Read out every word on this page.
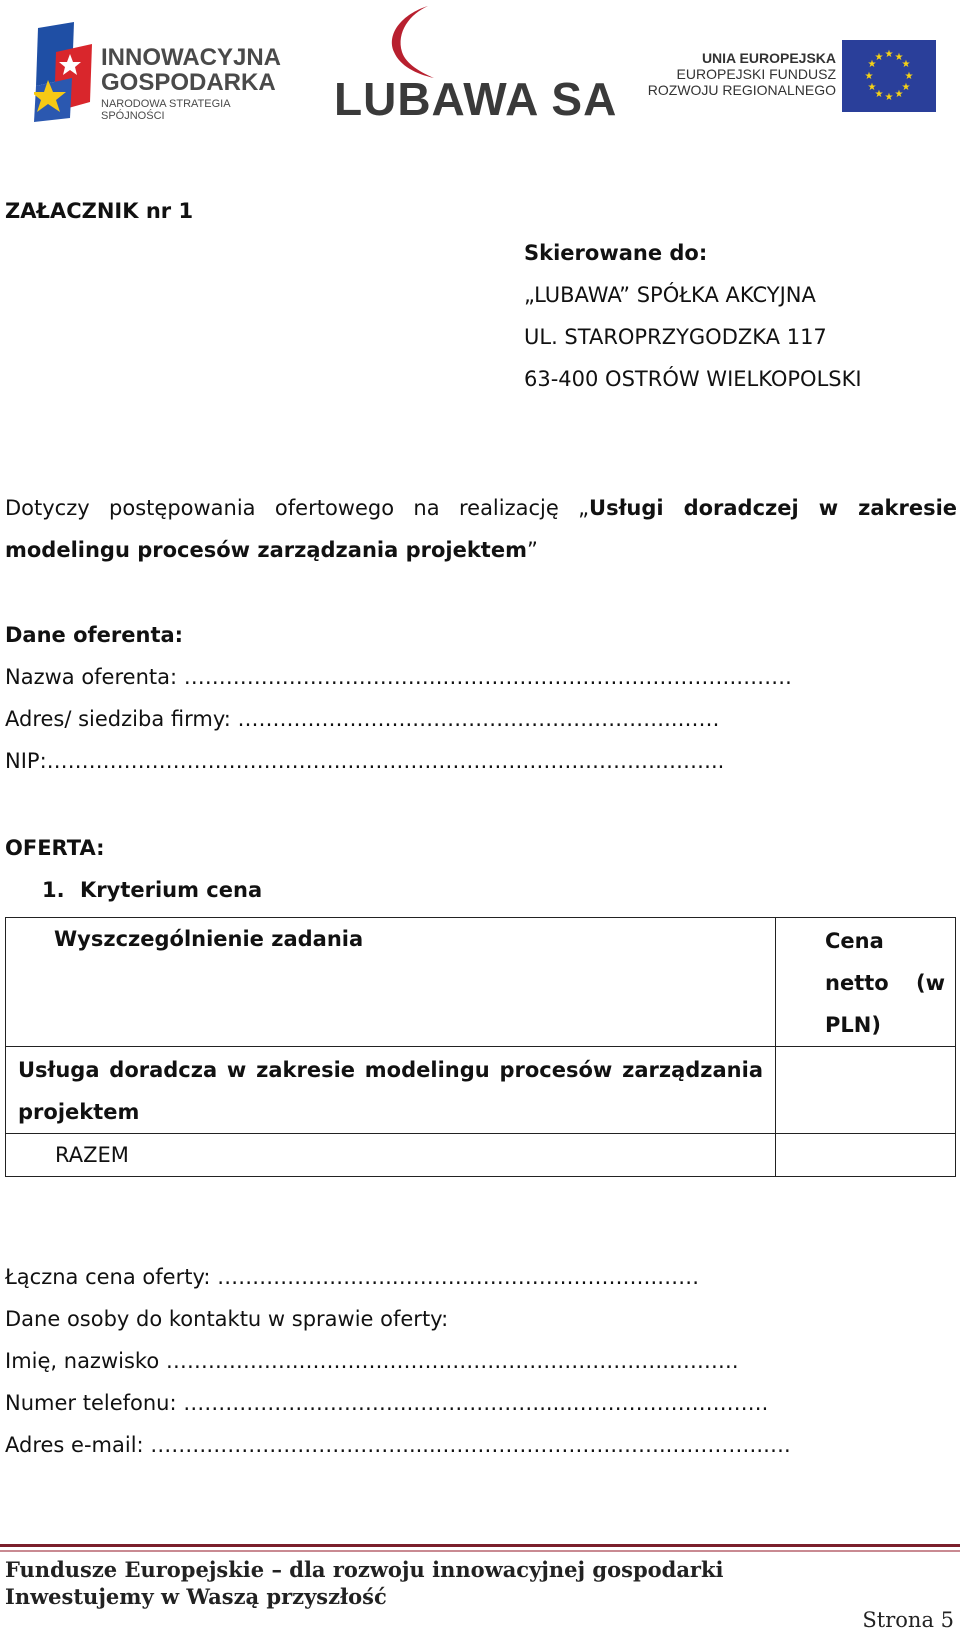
INNOWACYJNA
GOSPODARKA
NARODOWA STRATEGIA SPÓJNOŚCI	LUBAWA SA
UNIA EUROPEJSKA
EUROPEJSKI FUNDUSZ
ROZWOJU REGIONALNEGO
★ ★
★
★
★
★
★
★
★
★
★
★
ZAŁACZNIK nr 1
Skierowane do:
„LUBAWA” SPÓŁKA AKCYJNA
UL. STAROPRZYGODZKA 117
63-400 OSTRÓW WIELKOPOLSKI
Dotyczy postępowania ofertowego na realizację „Usługi doradczej w zakresie modelingu procesów zarządzania projektem”
Dane oferenta:
Nazwa oferenta: ……………………………….…………………………………….…….
Adres/ siedziba firmy: …………………….………………………………..……
NIP:…………………………………….…………………………….………………..
OFERTA:
1. Kryterium cena
Wyszczególnienie zadania	Cena
netto (w
PLN)

Usługa doradcza w zakresie modelingu procesów zarządzania projektem	

RAZEM	

Łączna cena oferty: …………………….…………………….………….……
Dane osoby do kontaktu w sprawie oferty:
Imię, nazwisko ……………….………………….………………………….……….
Numer telefonu: ……………….…………..……………….....……………………….
Adres e-mail: ………………………………......…………………….……..………….….
Fundusze Europejskie – dla rozwoju innowacyjnej gospodarki
Inwestujemy w Waszą przyszłość
Strona 5
